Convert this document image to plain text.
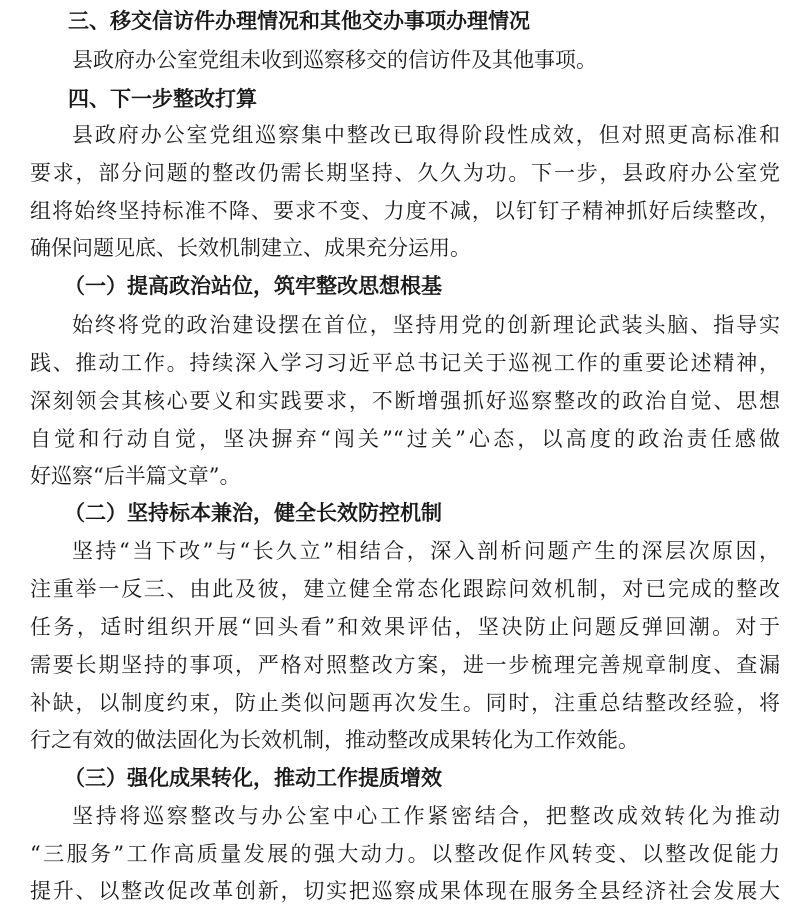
三、移交信访件办理情况和其他交办事项办理情况
县政府办公室党组未收到巡察移交的信访件及其他事项。
四、下一步整改打算
县政府办公室党组巡察集中整改已取得阶段性成效，但对照更高标准和
要求，部分问题的整改仍需长期坚持、久久为功。下一步，县政府办公室党
组将始终坚持标准不降、要求不变、力度不减，以钉钉子精神抓好后续整改，
确保问题见底、长效机制建立、成果充分运用。
（一）提高政治站位，筑牢整改思想根基
始终将党的政治建设摆在首位，坚持用党的创新理论武装头脑、指导实
践、推动工作。持续深入学习习近平总书记关于巡视工作的重要论述精神，
深刻领会其核心要义和实践要求，不断增强抓好巡察整改的政治自觉、思想
自觉和行动自觉，坚决摒弃“闯关”“过关”心态，以高度的政治责任感做
好巡察“后半篇文章”。
（二）坚持标本兼治，健全长效防控机制
坚持“当下改”与“长久立”相结合，深入剖析问题产生的深层次原因，
注重举一反三、由此及彼，建立健全常态化跟踪问效机制，对已完成的整改
任务，适时组织开展“回头看”和效果评估，坚决防止问题反弹回潮。对于
需要长期坚持的事项，严格对照整改方案，进一步梳理完善规章制度、查漏
补缺，以制度约束，防止类似问题再次发生。同时，注重总结整改经验，将
行之有效的做法固化为长效机制，推动整改成果转化为工作效能。
（三）强化成果转化，推动工作提质增效
坚持将巡察整改与办公室中心工作紧密结合，把整改成效转化为推动
“三服务”工作高质量发展的强大动力。以整改促作风转变、以整改促能力
提升、以整改促改革创新，切实把巡察成果体现在服务全县经济社会发展大
